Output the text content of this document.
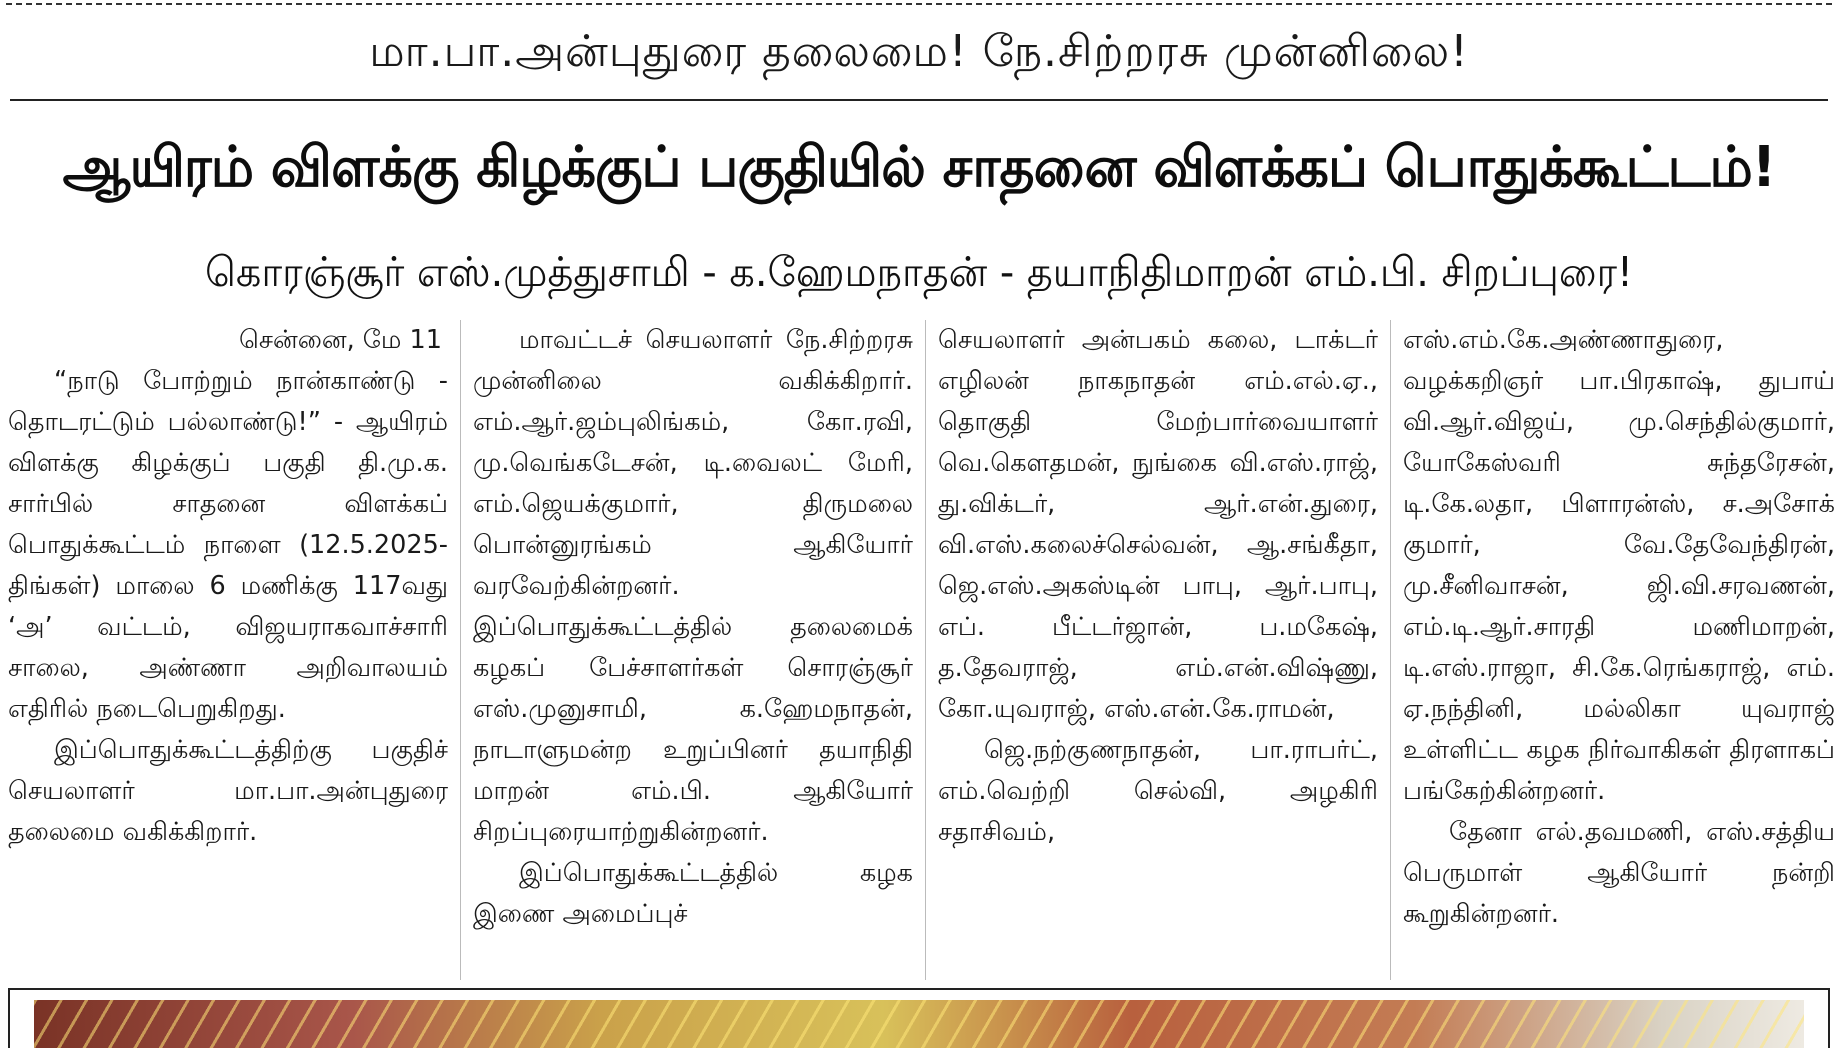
மா.பா.அன்புதுரை தலைமை! நே.சிற்றரசு முன்னிலை!
ஆயிரம் விளக்கு கிழக்குப் பகுதியில் சாதனை விளக்கப் பொதுக்கூட்டம்!
கொரஞ்சூர் எஸ்.முத்துசாமி - க.ஹேமநாதன் - தயாநிதிமாறன் எம்.பி. சிறப்புரை!

சென்னை, மே 11

“நாடு போற்றும் நான்காண்டு - தொடரட்டும் பல்லாண்டு!” - ஆயிரம் விளக்கு கிழக்குப் பகுதி தி.மு.க. சார்பில் சாதனை விளக்கப் பொதுக்கூட்டம் நாளை (12.5.2025-திங்கள்) மாலை 6 மணிக்கு 117வது ‘அ’ வட்டம், விஜயராகவாச்சாரி சாலை, அண்ணா அறிவாலயம் எதிரில் நடைபெறுகிறது.

இப்பொதுக்கூட்டத்திற்கு பகுதிச் செயலாளர் மா.பா.அன்புதுரை தலைமை வகிக்கிறார்.

மாவட்டச் செயலாளர் நே.சிற்றரசு முன்னிலை வகிக்கிறார். எம்.ஆர்.ஜம்புலிங்கம், கோ.ரவி, மு.வெங்கடேசன், டி.வைலட் மேரி, எம்.ஜெயக்குமார், திருமலை பொன்னுரங்கம் ஆகியோர் வரவேற்கின்றனர். இப்பொதுக்கூட்டத்தில் தலைமைக் கழகப் பேச்சாளர்கள் சொரஞ்சூர் எஸ்.முனுசாமி, க.ஹேமநாதன், நாடாளுமன்ற உறுப்பினர் தயாநிதி மாறன் எம்.பி. ஆகியோர் சிறப்புரையாற்றுகின்றனர்.

இப்பொதுக்கூட்டத்தில் கழக இணை அமைப்புச்

செயலாளர் அன்பகம் கலை, டாக்டர் எழிலன் நாகநாதன் எம்.எல்.ஏ., தொகுதி மேற்பார்வையாளர் வெ.கௌதமன், நுங்கை வி.எஸ்.ராஜ், து.விக்டர், ஆர்.என்.துரை, வி.எஸ்.கலைச்செல்வன், ஆ.சங்கீதா, ஜெ.எஸ்.அகஸ்டின் பாபு, ஆர்.பாபு, எப். பீட்டர்ஜான், ப.மகேஷ், த.தேவராஜ், எம்.என்.விஷ்ணு, கோ.யுவராஜ், எஸ்.என்.கே.ராமன்,

ஜெ.நற்குணநாதன், பா.ராபர்ட், எம்.வெற்றி செல்வி, அழகிரி சதாசிவம்,

எஸ்.எம்.கே.அண்ணாதுரை, வழக்கறிஞர் பா.பிரகாஷ், துபாய் வி.ஆர்.விஜய், மு.செந்தில்குமார், யோகேஸ்வரி சுந்தரேசன், டி.கே.லதா, பிளாரன்ஸ், ச.அசோக் குமார், வே.தேவேந்திரன், மு.சீனிவாசன், ஜி.வி.சரவணன், எம்.டி.ஆர்.சாரதி மணிமாறன், டி.எஸ்.ராஜா, சி.கே.ரெங்கராஜ், எம். ஏ.நந்தினி, மல்லிகா யுவராஜ் உள்ளிட்ட கழக நிர்வாகிகள் திரளாகப் பங்கேற்கின்றனர்.

தேனா எல்.தவமணி, எஸ்.சத்திய பெருமாள் ஆகியோர் நன்றி கூறுகின்றனர்.
